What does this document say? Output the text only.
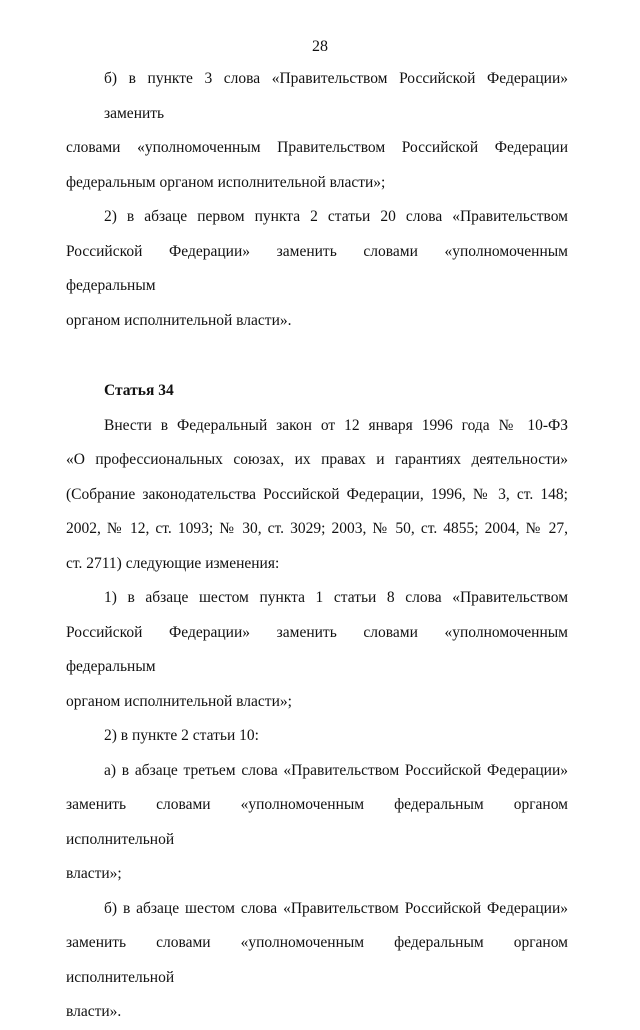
28
б) в пункте 3 слова «Правительством Российской Федерации» заменить
словами «уполномоченным Правительством Российской Федерации
федеральным органом исполнительной власти»;
2) в абзаце первом пункта 2 статьи 20 слова «Правительством
Российской Федерации» заменить словами «уполномоченным федеральным
органом исполнительной власти».

Статья 34

Внести в Федеральный закон от 12 января 1996 года № 10-ФЗ
«О профессиональных союзах, их правах и гарантиях деятельности»
(Собрание законодательства Российской Федерации, 1996, № 3, ст. 148;
2002, № 12, ст. 1093; № 30, ст. 3029; 2003, № 50, ст. 4855; 2004, № 27,
ст. 2711) следующие изменения:
1) в абзаце шестом пункта 1 статьи 8 слова «Правительством
Российской Федерации» заменить словами «уполномоченным федеральным
органом исполнительной власти»;
2) в пункте 2 статьи 10:
а) в абзаце третьем слова «Правительством Российской Федерации»
заменить словами «уполномоченным федеральным органом исполнительной
власти»;
б) в абзаце шестом слова «Правительством Российской Федерации»
заменить словами «уполномоченным федеральным органом исполнительной
власти».
